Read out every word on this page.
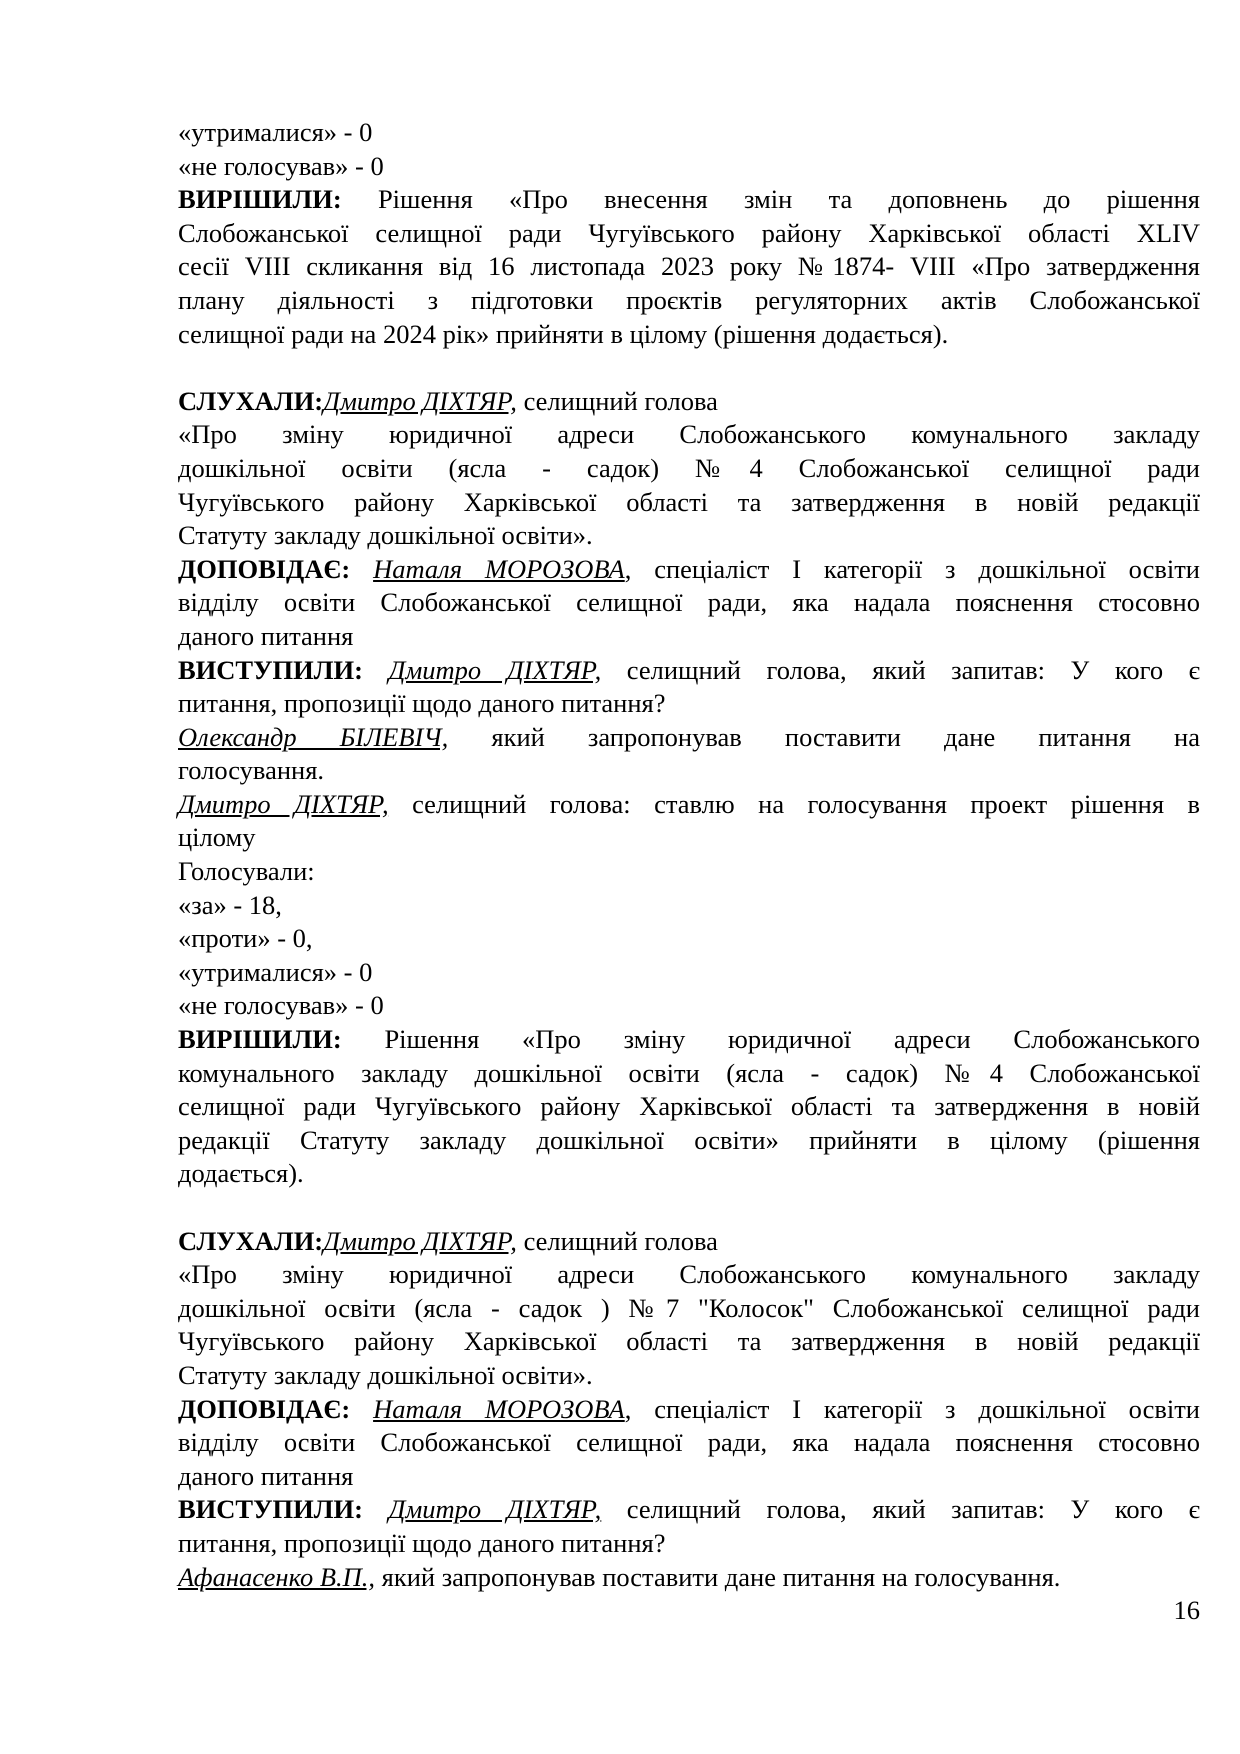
«утрималися» - 0
«не голосував» - 0
ВИРІШИЛИ: Рішення «Про внесення змін та доповнень до рішення
Слобожанської селищної ради Чугуївського району Харківської області XLIV
сесії VIII скликання від 16 листопада 2023 року №1874- VIII «Про затвердження
плану діяльності з підготовки проєктів регуляторних актів Слобожанської
селищної ради на 2024 рік» прийняти в цілому (рішення додається).
СЛУХАЛИ:Дмитро ДІХТЯР, селищний голова
«Про зміну юридичної адреси Слобожанського комунального закладу
дошкільної освіти (ясла - садок) №4 Слобожанської селищної ради
Чугуївського району Харківської області та затвердження в новій редакції
Статуту закладу дошкільної освіти».
ДОПОВІДАЄ: Наталя МОРОЗОВА, спеціаліст І категорії з дошкільної освіти
відділу освіти Слобожанської селищної ради, яка надала пояснення стосовно
даного питання
ВИСТУПИЛИ: Дмитро ДІХТЯР, селищний голова, який запитав: У кого є
питання, пропозиції щодо даного питання?
Олександр БІЛЕВІЧ, який запропонував поставити дане питання на
голосування.
Дмитро ДІХТЯР, селищний голова: ставлю на голосування проект рішення в
цілому
Голосували:
«за» - 18,
«проти» - 0,
«утрималися» - 0
«не голосував» - 0
ВИРІШИЛИ: Рішення «Про зміну юридичної адреси Слобожанського
комунального закладу дошкільної освіти (ясла - садок) №4 Слобожанської
селищної ради Чугуївського району Харківської області та затвердження в новій
редакції Статуту закладу дошкільної освіти» прийняти в цілому (рішення
додається).
СЛУХАЛИ:Дмитро ДІХТЯР, селищний голова
«Про зміну юридичної адреси Слобожанського комунального закладу
дошкільної освіти (ясла - садок ) №7 "Колосок" Слобожанської селищної ради
Чугуївського району Харківської області та затвердження в новій редакції
Статуту закладу дошкільної освіти».
ДОПОВІДАЄ: Наталя МОРОЗОВА, спеціаліст І категорії з дошкільної освіти
відділу освіти Слобожанської селищної ради, яка надала пояснення стосовно
даного питання
ВИСТУПИЛИ: Дмитро ДІХТЯР, селищний голова, який запитав: У кого є
питання, пропозиції щодо даного питання?
Афанасенко В.П., який запропонував поставити дане питання на голосування.
16
